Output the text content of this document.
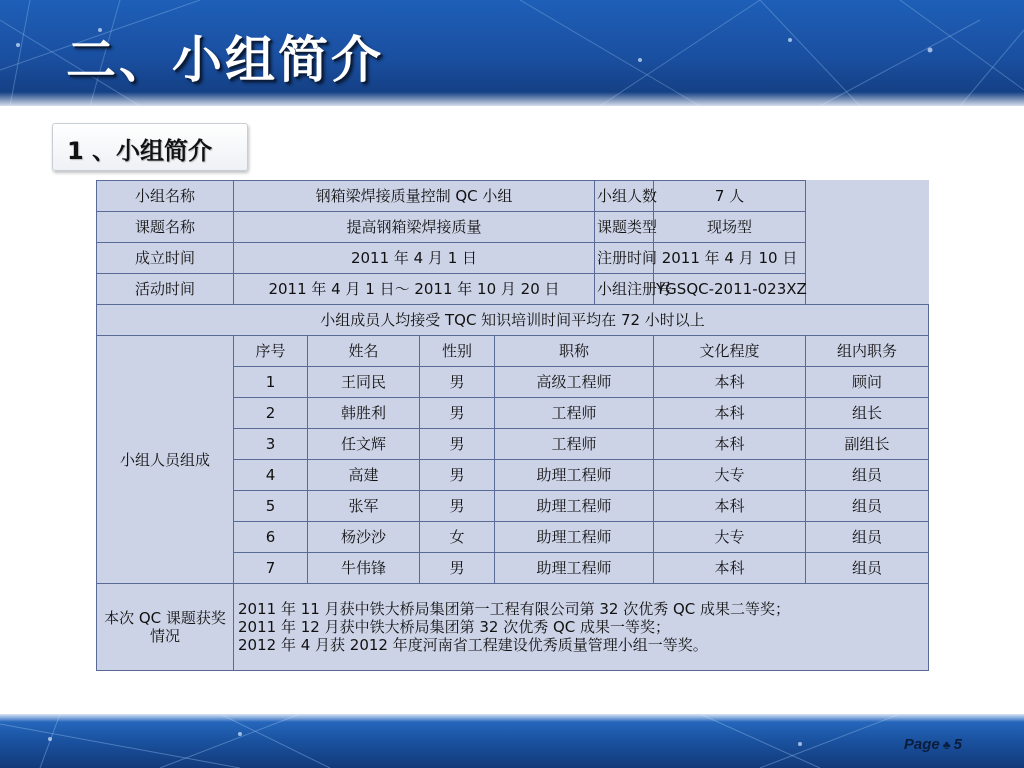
二、小组简介
1 、小组简介
小组名称	钢箱梁焊接质量控制 QC 小组				小组人数	7 人	
课题名称	提高钢箱梁焊接质量				课题类型	现场型	
成立时间	2011 年 4 月 1 日				注册时间	2011 年 4 月 10 日	
活动时间	2011 年 4 月 1 日～ 2011 年 10 月 20 日				小组注册号	YGSQC-2011-023XZ	
小组成员人均接受 TQC 知识培训时间平均在 72 小时以上							
小组人员组成	序号	姓名	性别	职称		文化程度	组内职务
	1	王同民	男	高级工程师		本科	顾问
	2	韩胜利	男	工程师		本科	组长
	3	任文辉	男	工程师		本科	副组长
	4	高建	男	助理工程师		大专	组员
	5	张军	男	助理工程师		本科	组员
	6	杨沙沙	女	助理工程师		大专	组员
	7	牛伟锋	男	助理工程师		本科	组员
本次 QC 课题获奖情况	2011 年 11 月获中铁大桥局集团第一工程有限公司第 32 次优秀 QC 成果二等奖；
2011 年 12 月获中铁大桥局集团第 32 次优秀 QC 成果一等奖；
2012 年 4 月获 2012 年度河南省工程建设优秀质量管理小组一等奖。						
Page ♣ 5
